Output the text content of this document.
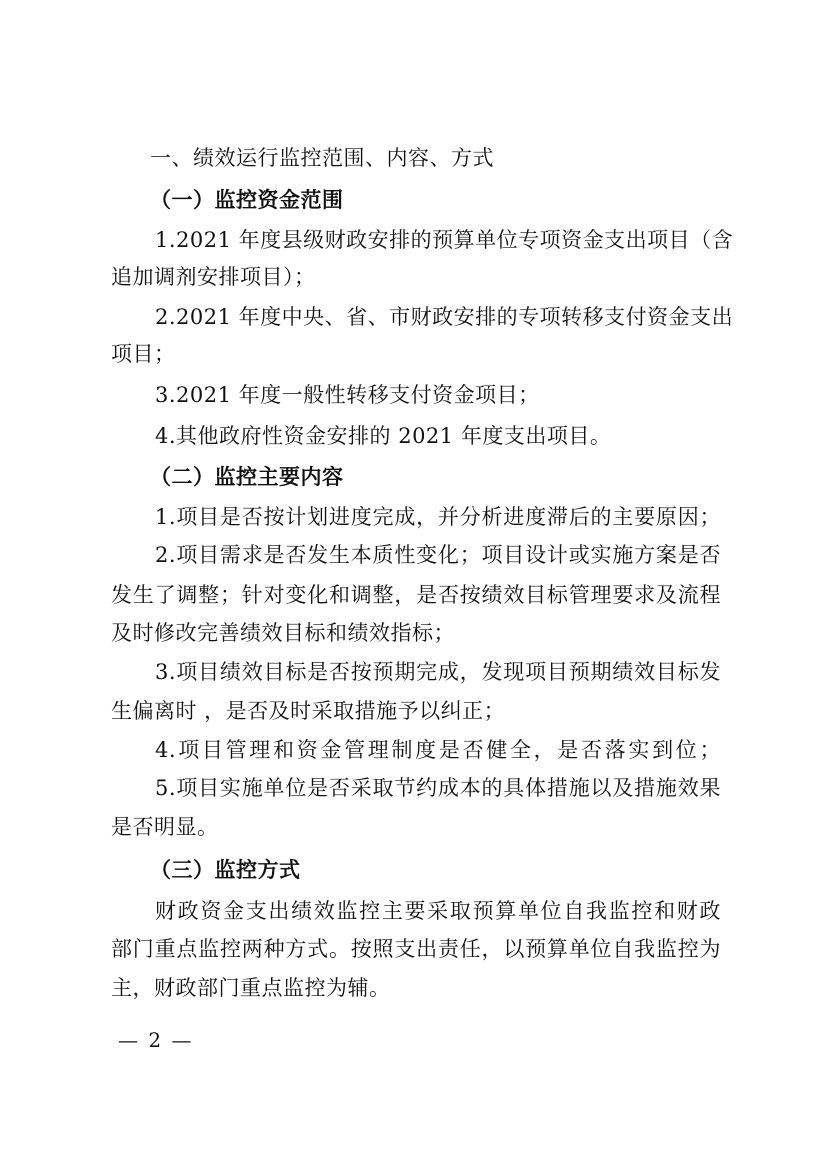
一、绩效运行监控范围、内容、方式

（一）监控资金范围

1.2021 年度县级财政安排的预算单位专项资金支出项目（含

追加调剂安排项目）；

2.2021 年度中央、省、市财政安排的专项转移支付资金支出

项目；

3.2021 年度一般性转移支付资金项目；

4.其他政府性资金安排的 2021 年度支出项目。

（二）监控主要内容

1.项目是否按计划进度完成，并分析进度滞后的主要原因；

2.项目需求是否发生本质性变化；项目设计或实施方案是否

发生了调整；针对变化和调整，是否按绩效目标管理要求及流程

及时修改完善绩效目标和绩效指标；

3.项目绩效目标是否按预期完成，发现项目预期绩效目标发

生偏离时 ，是否及时采取措施予以纠正；

4.项目管理和资金管理制度是否健全，是否落实到位；

5.项目实施单位是否采取节约成本的具体措施以及措施效果

是否明显。

（三）监控方式

财政资金支出绩效监控主要采取预算单位自我监控和财政

部门重点监控两种方式。按照支出责任，以预算单位自我监控为

主，财政部门重点监控为辅。

— 2 —
